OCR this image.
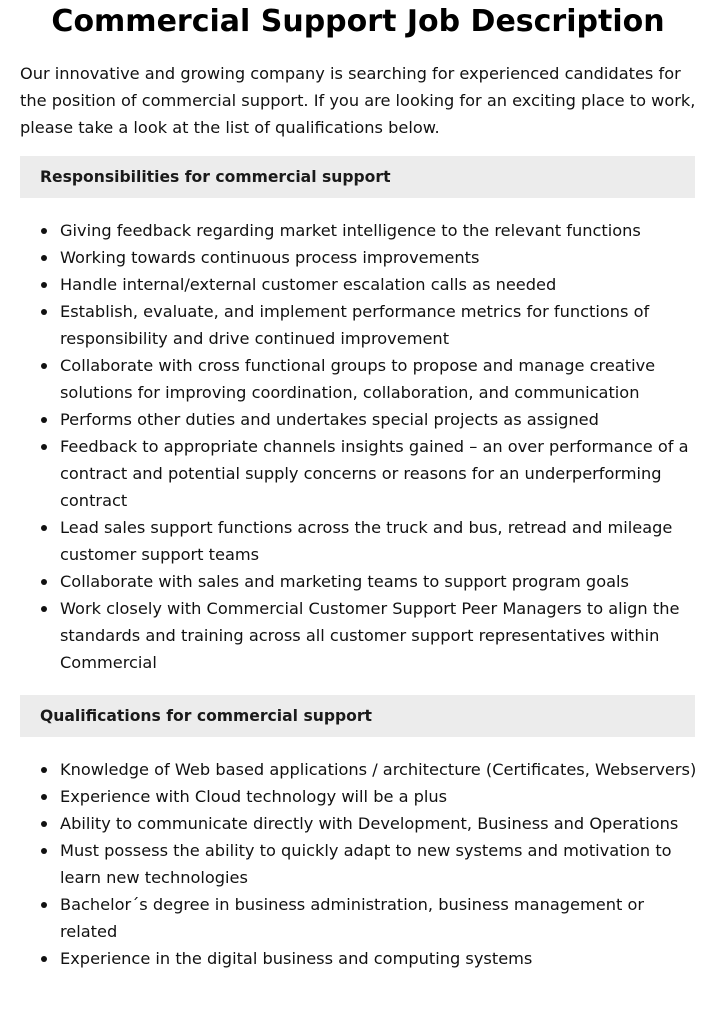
Commercial Support Job Description

Our innovative and growing company is searching for experienced candidates for the position of commercial support. If you are looking for an exciting place to work, please take a look at the list of qualifications below.

Responsibilities for commercial support
Giving feedback regarding market intelligence to the relevant functions
Working towards continuous process improvements
Handle internal/external customer escalation calls as needed
Establish, evaluate, and implement performance metrics for functions of responsibility and drive continued improvement
Collaborate with cross functional groups to propose and manage creative solutions for improving coordination, collaboration, and communication
Performs other duties and undertakes special projects as assigned
Feedback to appropriate channels insights gained – an over performance of a contract and potential supply concerns or reasons for an underperforming contract
Lead sales support functions across the truck and bus, retread and mileage customer support teams
Collaborate with sales and marketing teams to support program goals
Work closely with Commercial Customer Support Peer Managers to align the standards and training across all customer support representatives within Commercial
Qualifications for commercial support
Knowledge of Web based applications / architecture (Certificates, Webservers)
Experience with Cloud technology will be a plus
Ability to communicate directly with Development, Business and Operations
Must possess the ability to quickly adapt to new systems and motivation to learn new technologies
Bachelor´s degree in business administration, business management or related
Experience in the digital business and computing systems
